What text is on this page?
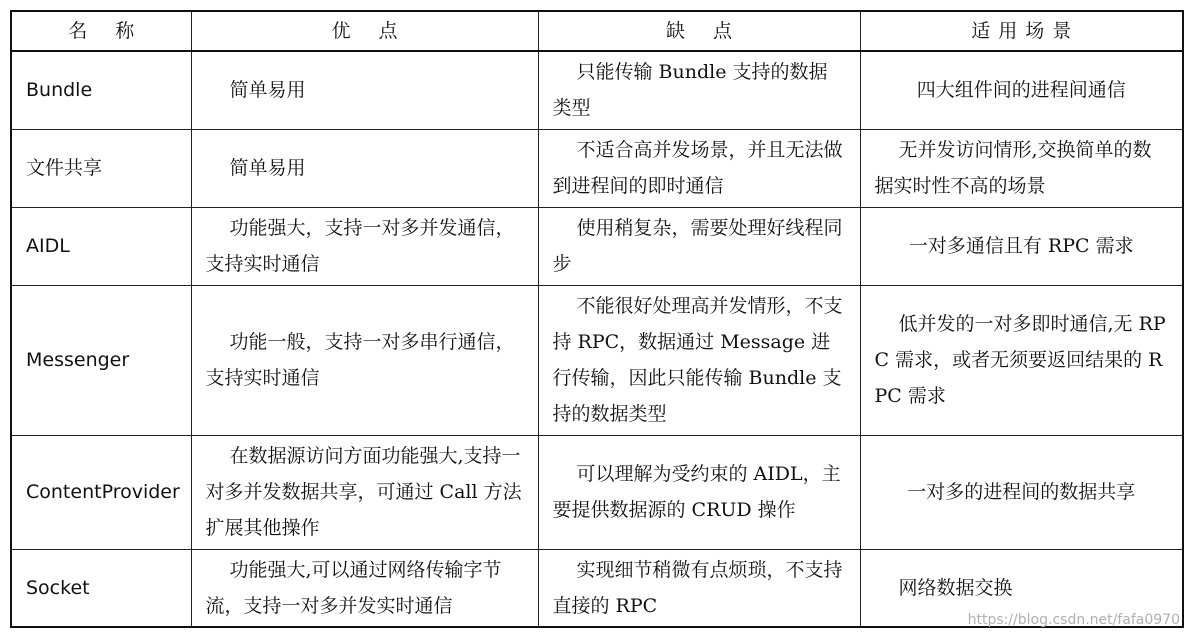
名称	优点	缺点	适用场景
Bundle	简单易用	只能传输 Bundle 支持的数据类型	四大组件间的进程间通信
文件共享	简单易用	不适合高并发场景，并且无法做到进程间的即时通信	无并发访问情形,交换简单的数据实时性不高的场景
AIDL	功能强大，支持一对多并发通信，支持实时通信	使用稍复杂，需要处理好线程同步	一对多通信且有 RPC 需求
Messenger	功能一般，支持一对多串行通信，支持实时通信	不能很好处理高并发情形，不支持 RPC，数据通过 Message 进行传输，因此只能传输 Bundle 支持的数据类型	低并发的一对多即时通信,无 RPC 需求，或者无须要返回结果的 RPC 需求
ContentProvider	在数据源访问方面功能强大,支持一对多并发数据共享，可通过 Call 方法扩展其他操作	可以理解为受约束的 AIDL，主要提供数据源的 CRUD 操作	一对多的进程间的数据共享
Socket	功能强大,可以通过网络传输字节流，支持一对多并发实时通信	实现细节稍微有点烦琐，不支持直接的 RPC	网络数据交换
https://blog.csdn.net/fafa0970
